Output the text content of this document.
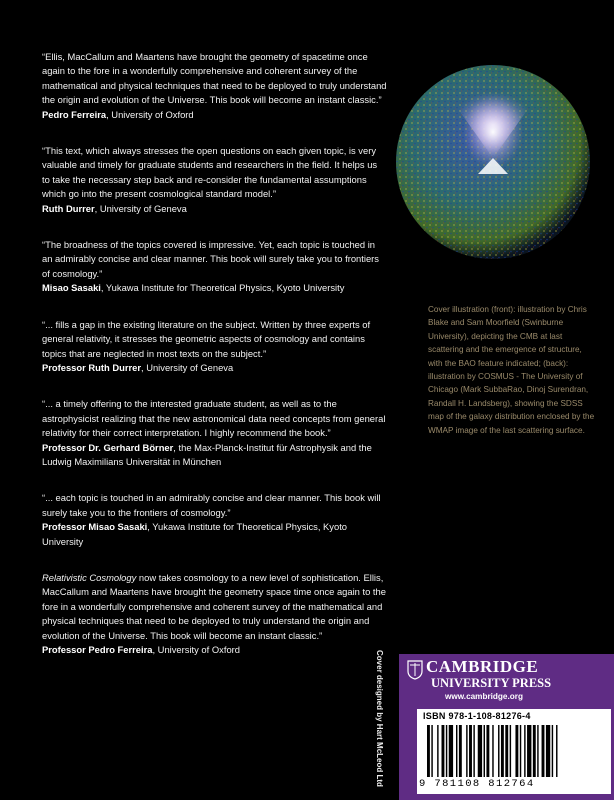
“Ellis, MacCallum and Maartens have brought the geometry of spacetime once again to the fore in a wonderfully comprehensive and coherent survey of the mathematical and physical techniques that need to be deployed to truly understand the origin and evolution of the Universe. This book will become an instant classic.”

Pedro Ferreira, University of Oxford

“This text, which always stresses the open questions on each given topic, is very valuable and timely for graduate students and researchers in the field. It helps us to take the necessary step back and re-consider the fundamental assumptions which go into the present cosmological standard model.”

Ruth Durrer, University of Geneva

“The broadness of the topics covered is impressive. Yet, each topic is touched in an admirably concise and clear manner. This book will surely take you to frontiers of cosmology.”

Misao Sasaki, Yukawa Institute for Theoretical Physics, Kyoto University

“... fills a gap in the existing literature on the subject. Written by three experts of general relativity, it stresses the geometric aspects of cosmology and contains topics that are neglected in most texts on the subject.”

Professor Ruth Durrer, University of Geneva

“... a timely offering to the interested graduate student, as well as to the astrophysicist realizing that the new astronomical data need concepts from general relativity for their correct interpretation. I highly recommend the book.”

Professor Dr. Gerhard Börner, the Max-Planck-Institut für Astrophysik and the Ludwig Maximilians Universität in München

“... each topic is touched in an admirably concise and clear manner. This book will surely take you to the frontiers of cosmology.”

Professor Misao Sasaki, Yukawa Institute for Theoretical Physics, Kyoto University

Relativistic Cosmology now takes cosmology to a new level of sophistication. Ellis, MacCallum and Maartens have brought the geometry space time once again to the fore in a wonderfully comprehensive and coherent survey of the mathematical and physical techniques that need to be deployed to truly understand the origin and evolution of the Universe. This book will become an instant classic.”

Professor Pedro Ferreira, University of Oxford
Cover illustration (front): illustration by Chris Blake and Sam Moorfield (Swinburne University), depicting the CMB at last scattering and the emergence of structure, with the BAO feature indicated; (back): illustration by COSMUS - The University of Chicago (Mark SubbaRao, Dinoj Surendran, Randall H. Landsberg), showing the SDSS map of the galaxy distribution enclosed by the WMAP image of the last scattering surface.
Cover designed by Hart McLeod Ltd CAMBRIDGE
UNIVERSITY PRESS
www.cambridge.org
ISBN 978-1-108-81276-4
9 781108 812764
